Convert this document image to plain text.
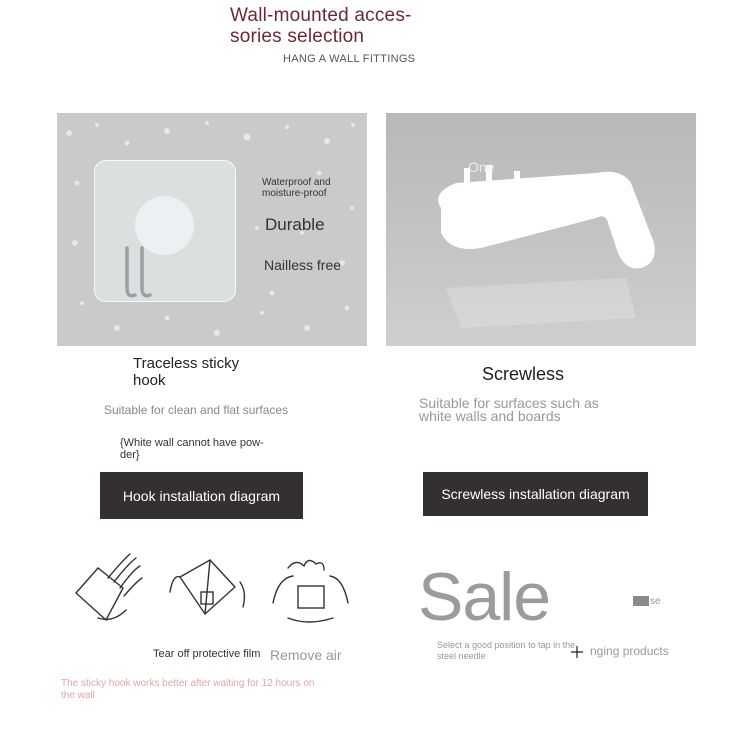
Wall-mounted acces-
sories selection
HANG A WALL FITTINGS
Waterproof and
moisture-proof
Durable
Nailless free
One
Traceless sticky
hook
Suitable for clean and flat surfaces
{White wall cannot have pow-
der}
Hook installation diagram
Screwless
Suitable for surfaces such as
white walls and boards
Screwless installation diagram
Tear off protective film Remove air
The sticky hook works better after waiting for 12 hours on
the wall
Sale	se
Select a good position to tap in the
steel needle	nging products
